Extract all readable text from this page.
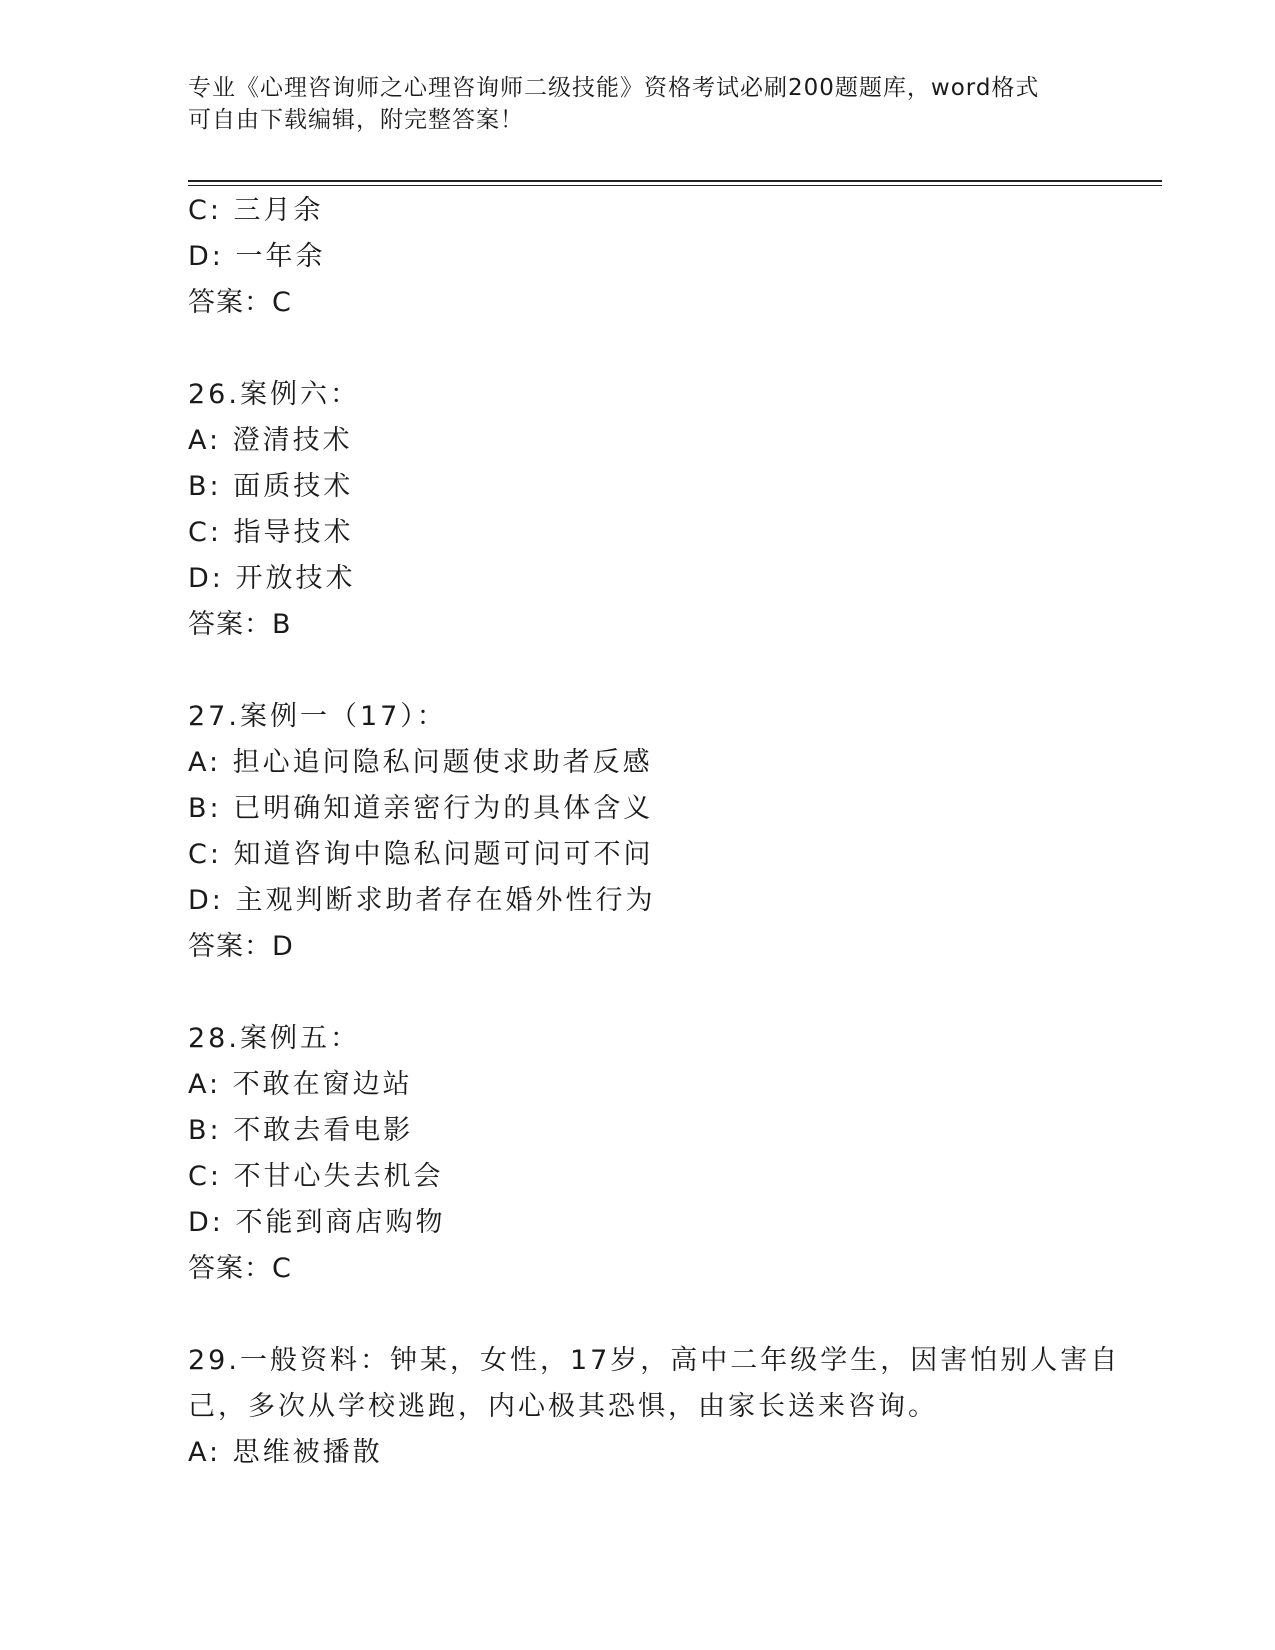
专业《心理咨询师之心理咨询师二级技能》资格考试必刷200题题库，word格式
可自由下载编辑，附完整答案！
C: 三月余
D: 一年余
答案：C
26.案例六：
A: 澄清技术
B: 面质技术
C: 指导技术
D: 开放技术
答案：B
27.案例一（17）：
A: 担心追问隐私问题使求助者反感
B: 已明确知道亲密行为的具体含义
C: 知道咨询中隐私问题可问可不问
D: 主观判断求助者存在婚外性行为
答案：D
28.案例五：
A: 不敢在窗边站
B: 不敢去看电影
C: 不甘心失去机会
D: 不能到商店购物
答案：C
29.一般资料：钟某，女性，17岁，高中二年级学生，因害怕别人害自
己，多次从学校逃跑，内心极其恐惧，由家长送来咨询。
A: 思维被播散
